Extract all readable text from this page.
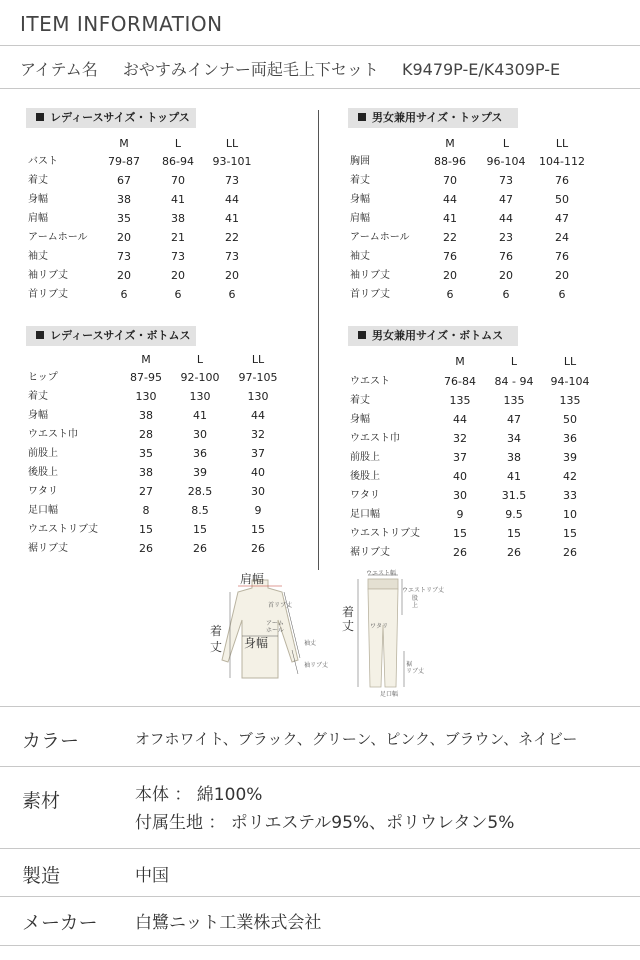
ITEM INFORMATION
アイテム名 おやすみインナー両起毛上下セット K9479P-E/K4309P-E
レディースサイズ・トップス
M	L	LL
バスト	79-87	86-94	93-101
着丈	67	70	73
身幅	38	41	44
肩幅	35	38	41
アームホール	20	21	22
袖丈	73	73	73
袖リブ丈	20	20	20
首リブ丈	6	6	6
男女兼用サイズ・トップス
M	L	LL
胸囲	88-96	96-104	104-112
着丈	70	73	76
身幅	44	47	50
肩幅	41	44	47
アームホール	22	23	24
袖丈	76	76	76
袖リブ丈	20	20	20
首リブ丈	6	6	6
レディースサイズ・ボトムス
M	L	LL
ヒップ	87-95	92-100	97-105
着丈	130	130	130
身幅	38	41	44
ウエスト巾	28	30	32
前股上	35	36	37
後股上	38	39	40
ワタリ	27	28.5	30
足口幅	8	8.5	9
ウエストリブ丈	15	15	15
裾リブ丈	26	26	26
男女兼用サイズ・ボトムス
M	L	LL
ウエスト	76-84	84 - 94	94-104
着丈	135	135	135
身幅	44	47	50
ウエスト巾	32	34	36
前股上	37	38	39
後股上	40	41	42
ワタリ	30	31.5	33
足口幅	9	9.5	10
ウエストリブ丈	15	15	15
裾リブ丈	26	26	26
肩幅
着
丈 身幅
首リブ丈
アーム
ホール
袖丈
袖リブ丈
ウエスト幅
着
丈
ウエストリブ丈
股
上
ワタリ
裾
リブ丈
足口幅
カラー	オフホワイト、ブラック、グリーン、ピンク、ブラウン、ネイビー
素材	本体 ： 綿100%
付属生地 ： ポリエステル95%、ポリウレタン5%
製造	中国
メーカー 白鷺ニット工業株式会社
